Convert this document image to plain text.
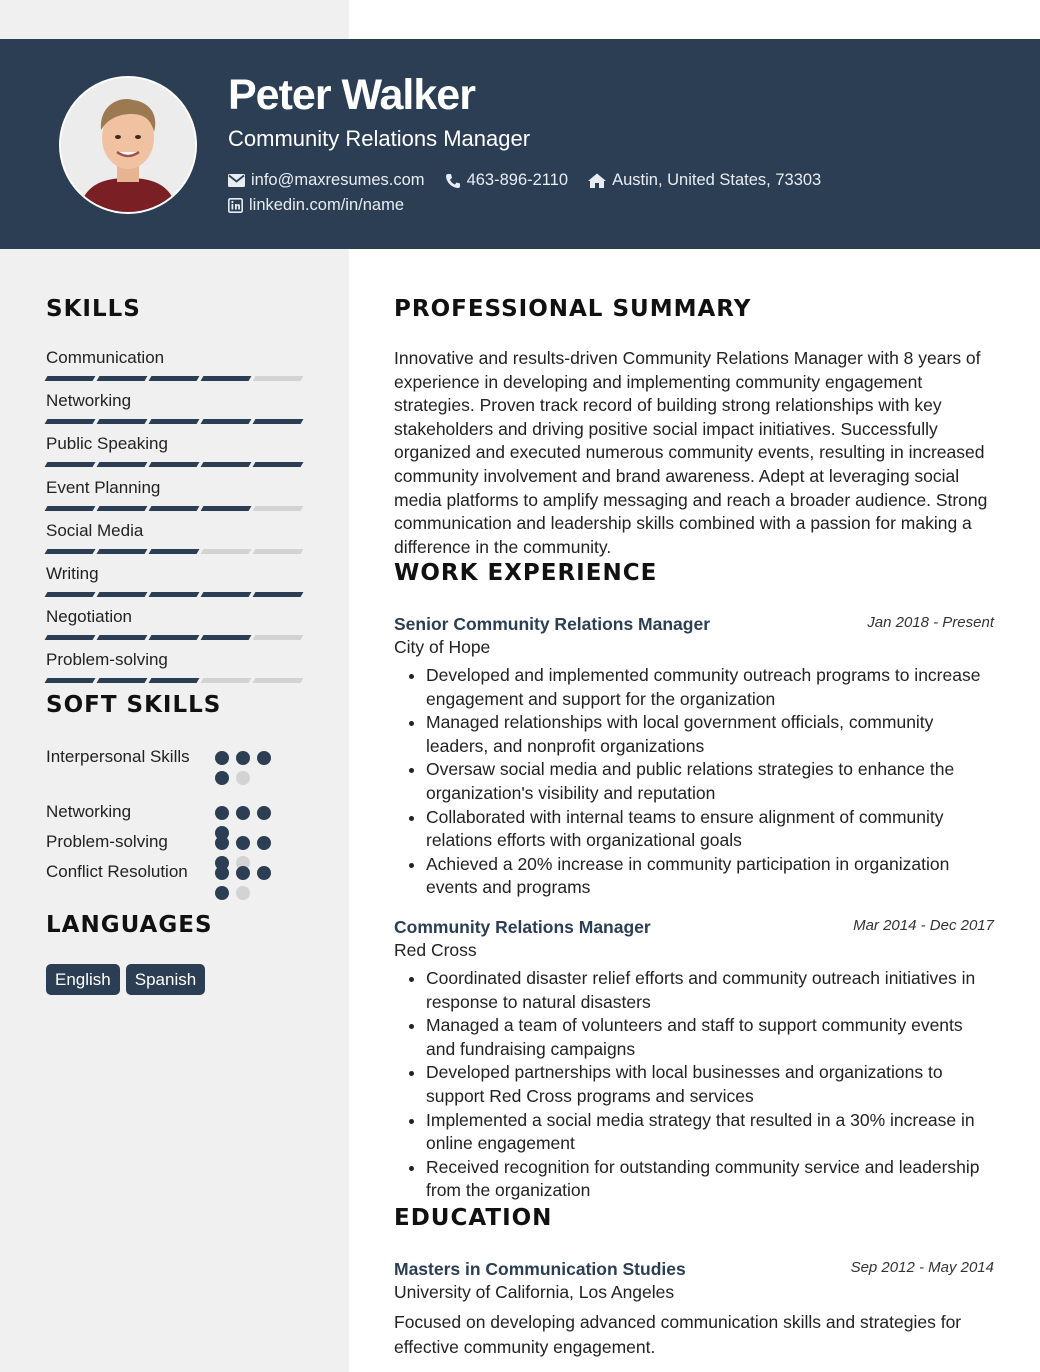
Peter Walker
Community Relations Manager
info@maxresumes.com	463-896-2110	Austin, United States, 73303
linkedin.com/in/name
SKILLS
Communication
Networking
Public Speaking
Event Planning
Social Media
Writing
Negotiation
Problem-solving
SOFT SKILLS
Interpersonal Skills
Networking
Problem-solving
Conflict Resolution
LANGUAGES
English	Spanish
PROFESSIONAL SUMMARY
Innovative and results-driven Community Relations Manager with 8 years of experience in developing and implementing community engagement strategies. Proven track record of building strong relationships with key stakeholders and driving positive social impact initiatives. Successfully organized and executed numerous community events, resulting in increased community involvement and brand awareness. Adept at leveraging social media platforms to amplify messaging and reach a broader audience. Strong communication and leadership skills combined with a passion for making a difference in the community.
WORK EXPERIENCE
Senior Community Relations Manager	Jan 2018 - Present
City of Hope
• Developed and implemented community outreach programs to increase engagement and support for the organization
• Managed relationships with local government officials, community leaders, and nonprofit organizations
• Oversaw social media and public relations strategies to enhance the organization's visibility and reputation
• Collaborated with internal teams to ensure alignment of community relations efforts with organizational goals
• Achieved a 20% increase in community participation in organization events and programs
Community Relations Manager	Mar 2014 - Dec 2017
Red Cross
• Coordinated disaster relief efforts and community outreach initiatives in response to natural disasters
• Managed a team of volunteers and staff to support community events and fundraising campaigns
• Developed partnerships with local businesses and organizations to support Red Cross programs and services
• Implemented a social media strategy that resulted in a 30% increase in online engagement
• Received recognition for outstanding community service and leadership from the organization
EDUCATION
Masters in Communication Studies	Sep 2012 - May 2014
University of California, Los Angeles
Focused on developing advanced communication skills and strategies for effective community engagement.
